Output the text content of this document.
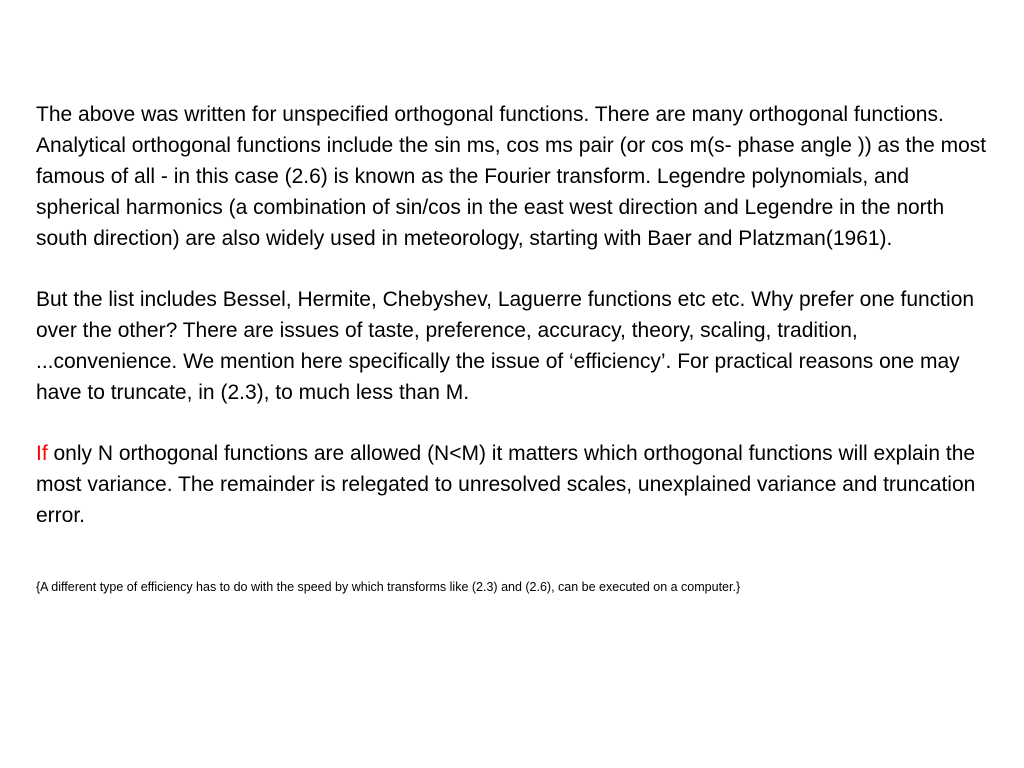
The above was written for unspecified orthogonal functions. There are many orthogonal functions. Analytical orthogonal functions include the sin ms, cos ms pair (or cos m(s- phase angle )) as the most famous of all - in this case (2.6) is known as the Fourier transform. Legendre polynomials, and spherical harmonics (a combination of sin/cos in the east west direction and Legendre in the north south direction) are also widely used in meteorology, starting with Baer and Platzman(1961).

But the list includes Bessel, Hermite, Chebyshev, Laguerre functions etc etc. Why prefer one function over the other? There are issues of taste, preference, accuracy, theory, scaling, tradition, ...convenience. We mention here specifically the issue of ‘efficiency’. For practical reasons one may have to truncate, in (2.3), to much less than M.

If only N orthogonal functions are allowed (N<M) it matters which orthogonal functions will explain the most variance. The remainder is relegated to unresolved scales, unexplained variance and truncation error.

{A different type of efficiency has to do with the speed by which transforms like (2.3) and (2.6), can be executed on a computer.}
